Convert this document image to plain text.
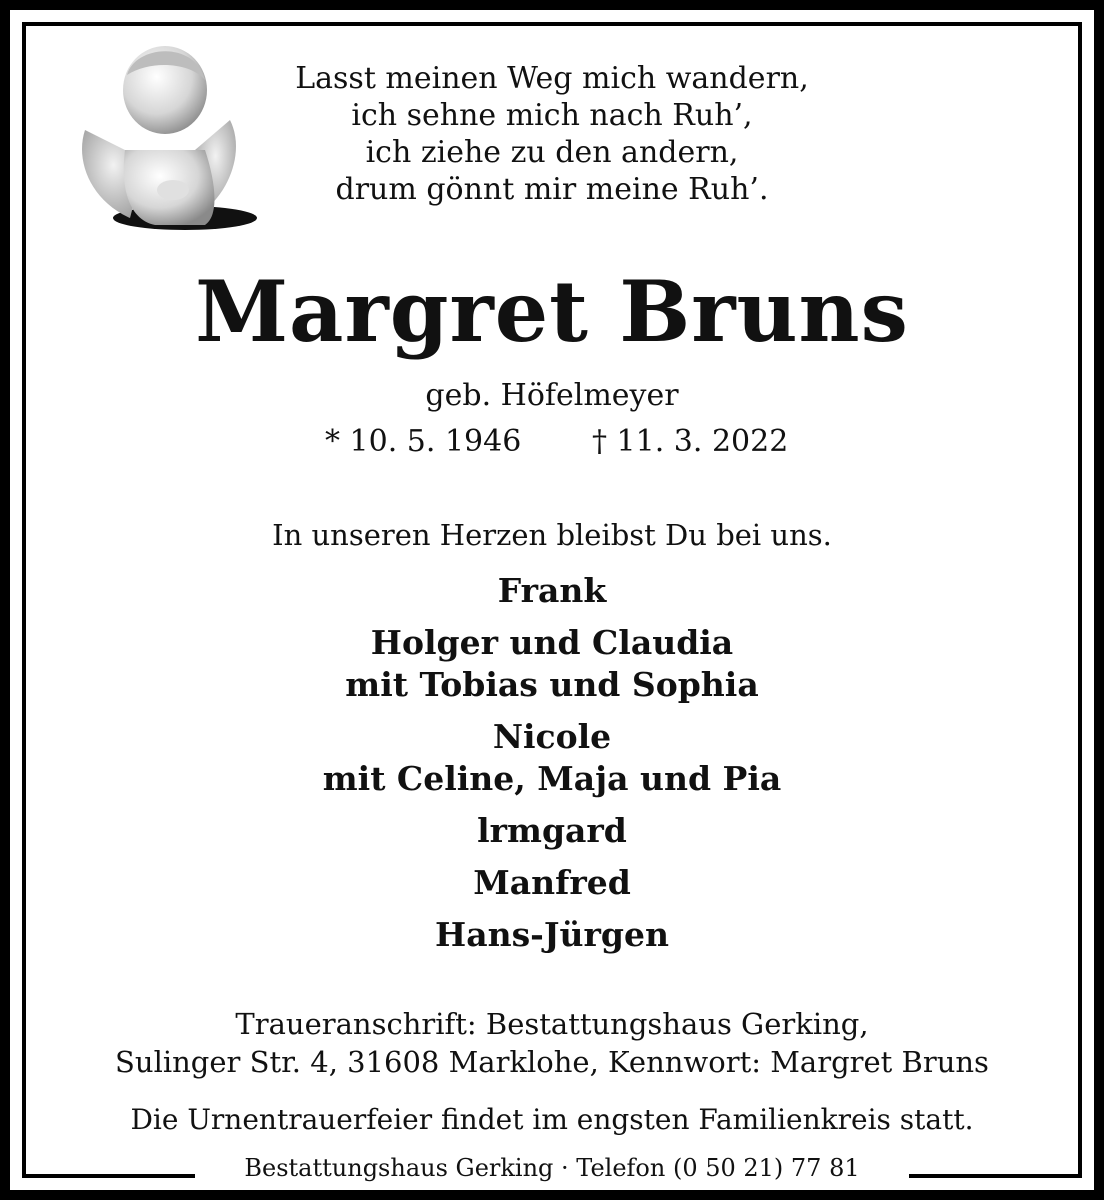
Lasst meinen Weg mich wandern,
ich sehne mich nach Ruh’,
ich ziehe zu den andern,
drum gönnt mir meine Ruh’.
Margret Bruns
geb. Höfelmeyer
* 10. 5. 1946 † 11. 3. 2022
In unseren Herzen bleibst Du bei uns.
Frank
Holger und Claudia
mit Tobias und Sophia
Nicole
mit Celine, Maja und Pia
lrmgard
Manfred
Hans-Jürgen
Traueranschrift: Bestattungshaus Gerking,
Sulinger Str. 4, 31608 Marklohe, Kennwort: Margret Bruns
Die Urnentrauerfeier findet im engsten Familienkreis statt.
Bestattungshaus Gerking · Telefon (0 50 21) 77 81
